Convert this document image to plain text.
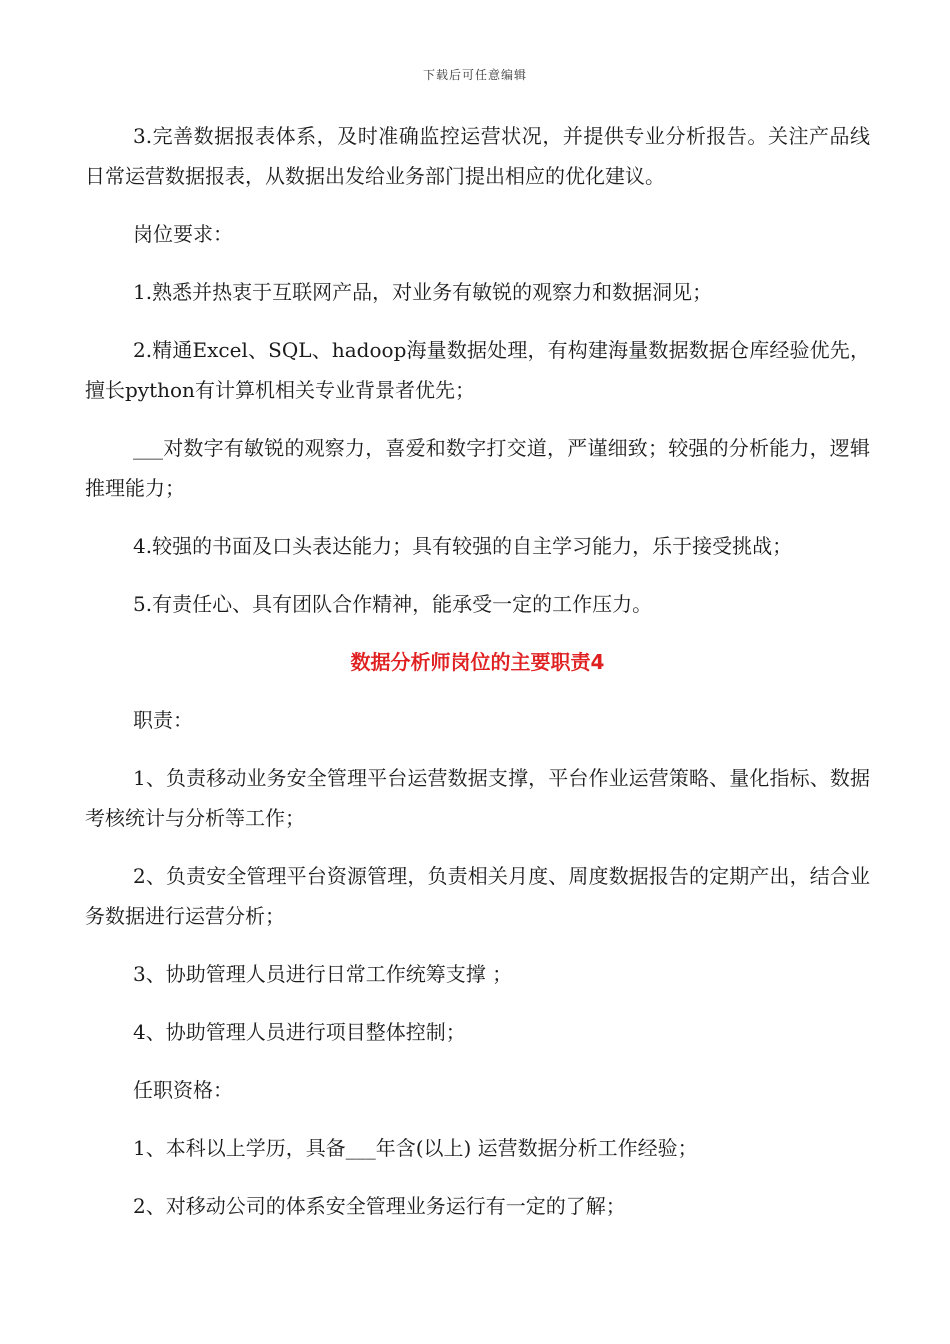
下载后可任意编辑

3.完善数据报表体系，及时准确监控运营状况，并提供专业分析报告。关注产品线日常运营数据报表，从数据出发给业务部门提出相应的优化建议。

岗位要求：

1.熟悉并热衷于互联网产品，对业务有敏锐的观察力和数据洞见；

2.精通Excel、SQL、hadoop海量数据处理，有构建海量数据数据仓库经验优先，擅长python有计算机相关专业背景者优先；

___对数字有敏锐的观察力，喜爱和数字打交道，严谨细致；较强的分析能力，逻辑推理能力；

4.较强的书面及口头表达能力；具有较强的自主学习能力，乐于接受挑战；

5.有责任心、具有团队合作精神，能承受一定的工作压力。

数据分析师岗位的主要职责4

职责：

1、负责移动业务安全管理平台运营数据支撑，平台作业运营策略、量化指标、数据考核统计与分析等工作；

2、负责安全管理平台资源管理，负责相关月度、周度数据报告的定期产出，结合业务数据进行运营分析；

3、协助管理人员进行日常工作统筹支撑 ；

4、协助管理人员进行项目整体控制；

任职资格：

1、本科以上学历，具备___年含(以上) 运营数据分析工作经验；

2、对移动公司的体系安全管理业务运行有一定的了解；
